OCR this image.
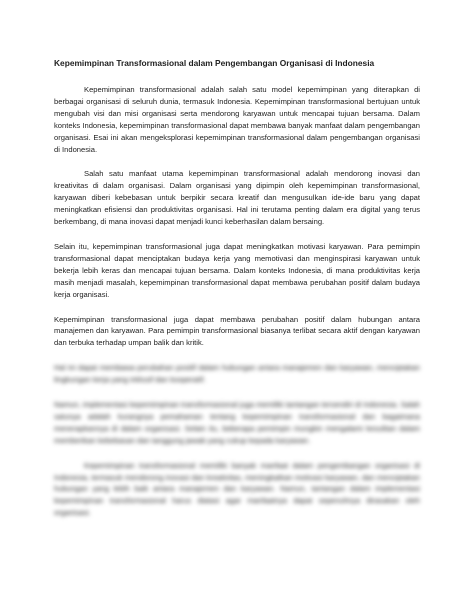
Kepemimpinan Transformasional dalam Pengembangan Organisasi di Indonesia

Kepemimpinan transformasional adalah salah satu model kepemimpinan yang diterapkan di berbagai organisasi di seluruh dunia, termasuk Indonesia. Kepemimpinan transformasional bertujuan untuk mengubah visi dan misi organisasi serta mendorong karyawan untuk mencapai tujuan bersama. Dalam konteks Indonesia, kepemimpinan transformasional dapat membawa banyak manfaat dalam pengembangan organisasi. Esai ini akan mengeksplorasi kepemimpinan transformasional dalam pengembangan organisasi di Indonesia.

Salah satu manfaat utama kepemimpinan transformasional adalah mendorong inovasi dan kreativitas di dalam organisasi. Dalam organisasi yang dipimpin oleh kepemimpinan transformasional, karyawan diberi kebebasan untuk berpikir secara kreatif dan mengusulkan ide-ide baru yang dapat meningkatkan efisiensi dan produktivitas organisasi. Hal ini terutama penting dalam era digital yang terus berkembang, di mana inovasi dapat menjadi kunci keberhasilan dalam bersaing.

Selain itu, kepemimpinan transformasional juga dapat meningkatkan motivasi karyawan. Para pemimpin transformasional dapat menciptakan budaya kerja yang memotivasi dan menginspirasi karyawan untuk bekerja lebih keras dan mencapai tujuan bersama. Dalam konteks Indonesia, di mana produktivitas kerja masih menjadi masalah, kepemimpinan transformasional dapat membawa perubahan positif dalam budaya kerja organisasi.

Kepemimpinan transformasional juga dapat membawa perubahan positif dalam hubungan antara manajemen dan karyawan. Para pemimpin transformasional biasanya terlibat secara aktif dengan karyawan dan terbuka terhadap umpan balik dan kritik.

Hal ini dapat membawa perubahan positif dalam hubungan antara manajemen dan karyawan, menciptakan lingkungan kerja yang inklusif dan kooperatif.

Namun, implementasi kepemimpinan transformasional juga memiliki tantangan tersendiri di Indonesia. Salah satunya adalah kurangnya pemahaman tentang kepemimpinan transformasional dan bagaimana menerapkannya di dalam organisasi. Selain itu, beberapa pemimpin mungkin mengalami kesulitan dalam memberikan kebebasan dan tanggung jawab yang cukup kepada karyawan.

Kepemimpinan transformasional memiliki banyak manfaat dalam pengembangan organisasi di Indonesia, termasuk mendorong inovasi dan kreativitas, meningkatkan motivasi karyawan, dan menciptakan hubungan yang lebih baik antara manajemen dan karyawan. Namun, tantangan dalam implementasi kepemimpinan transformasional harus diatasi agar manfaatnya dapat sepenuhnya dirasakan oleh organisasi.
